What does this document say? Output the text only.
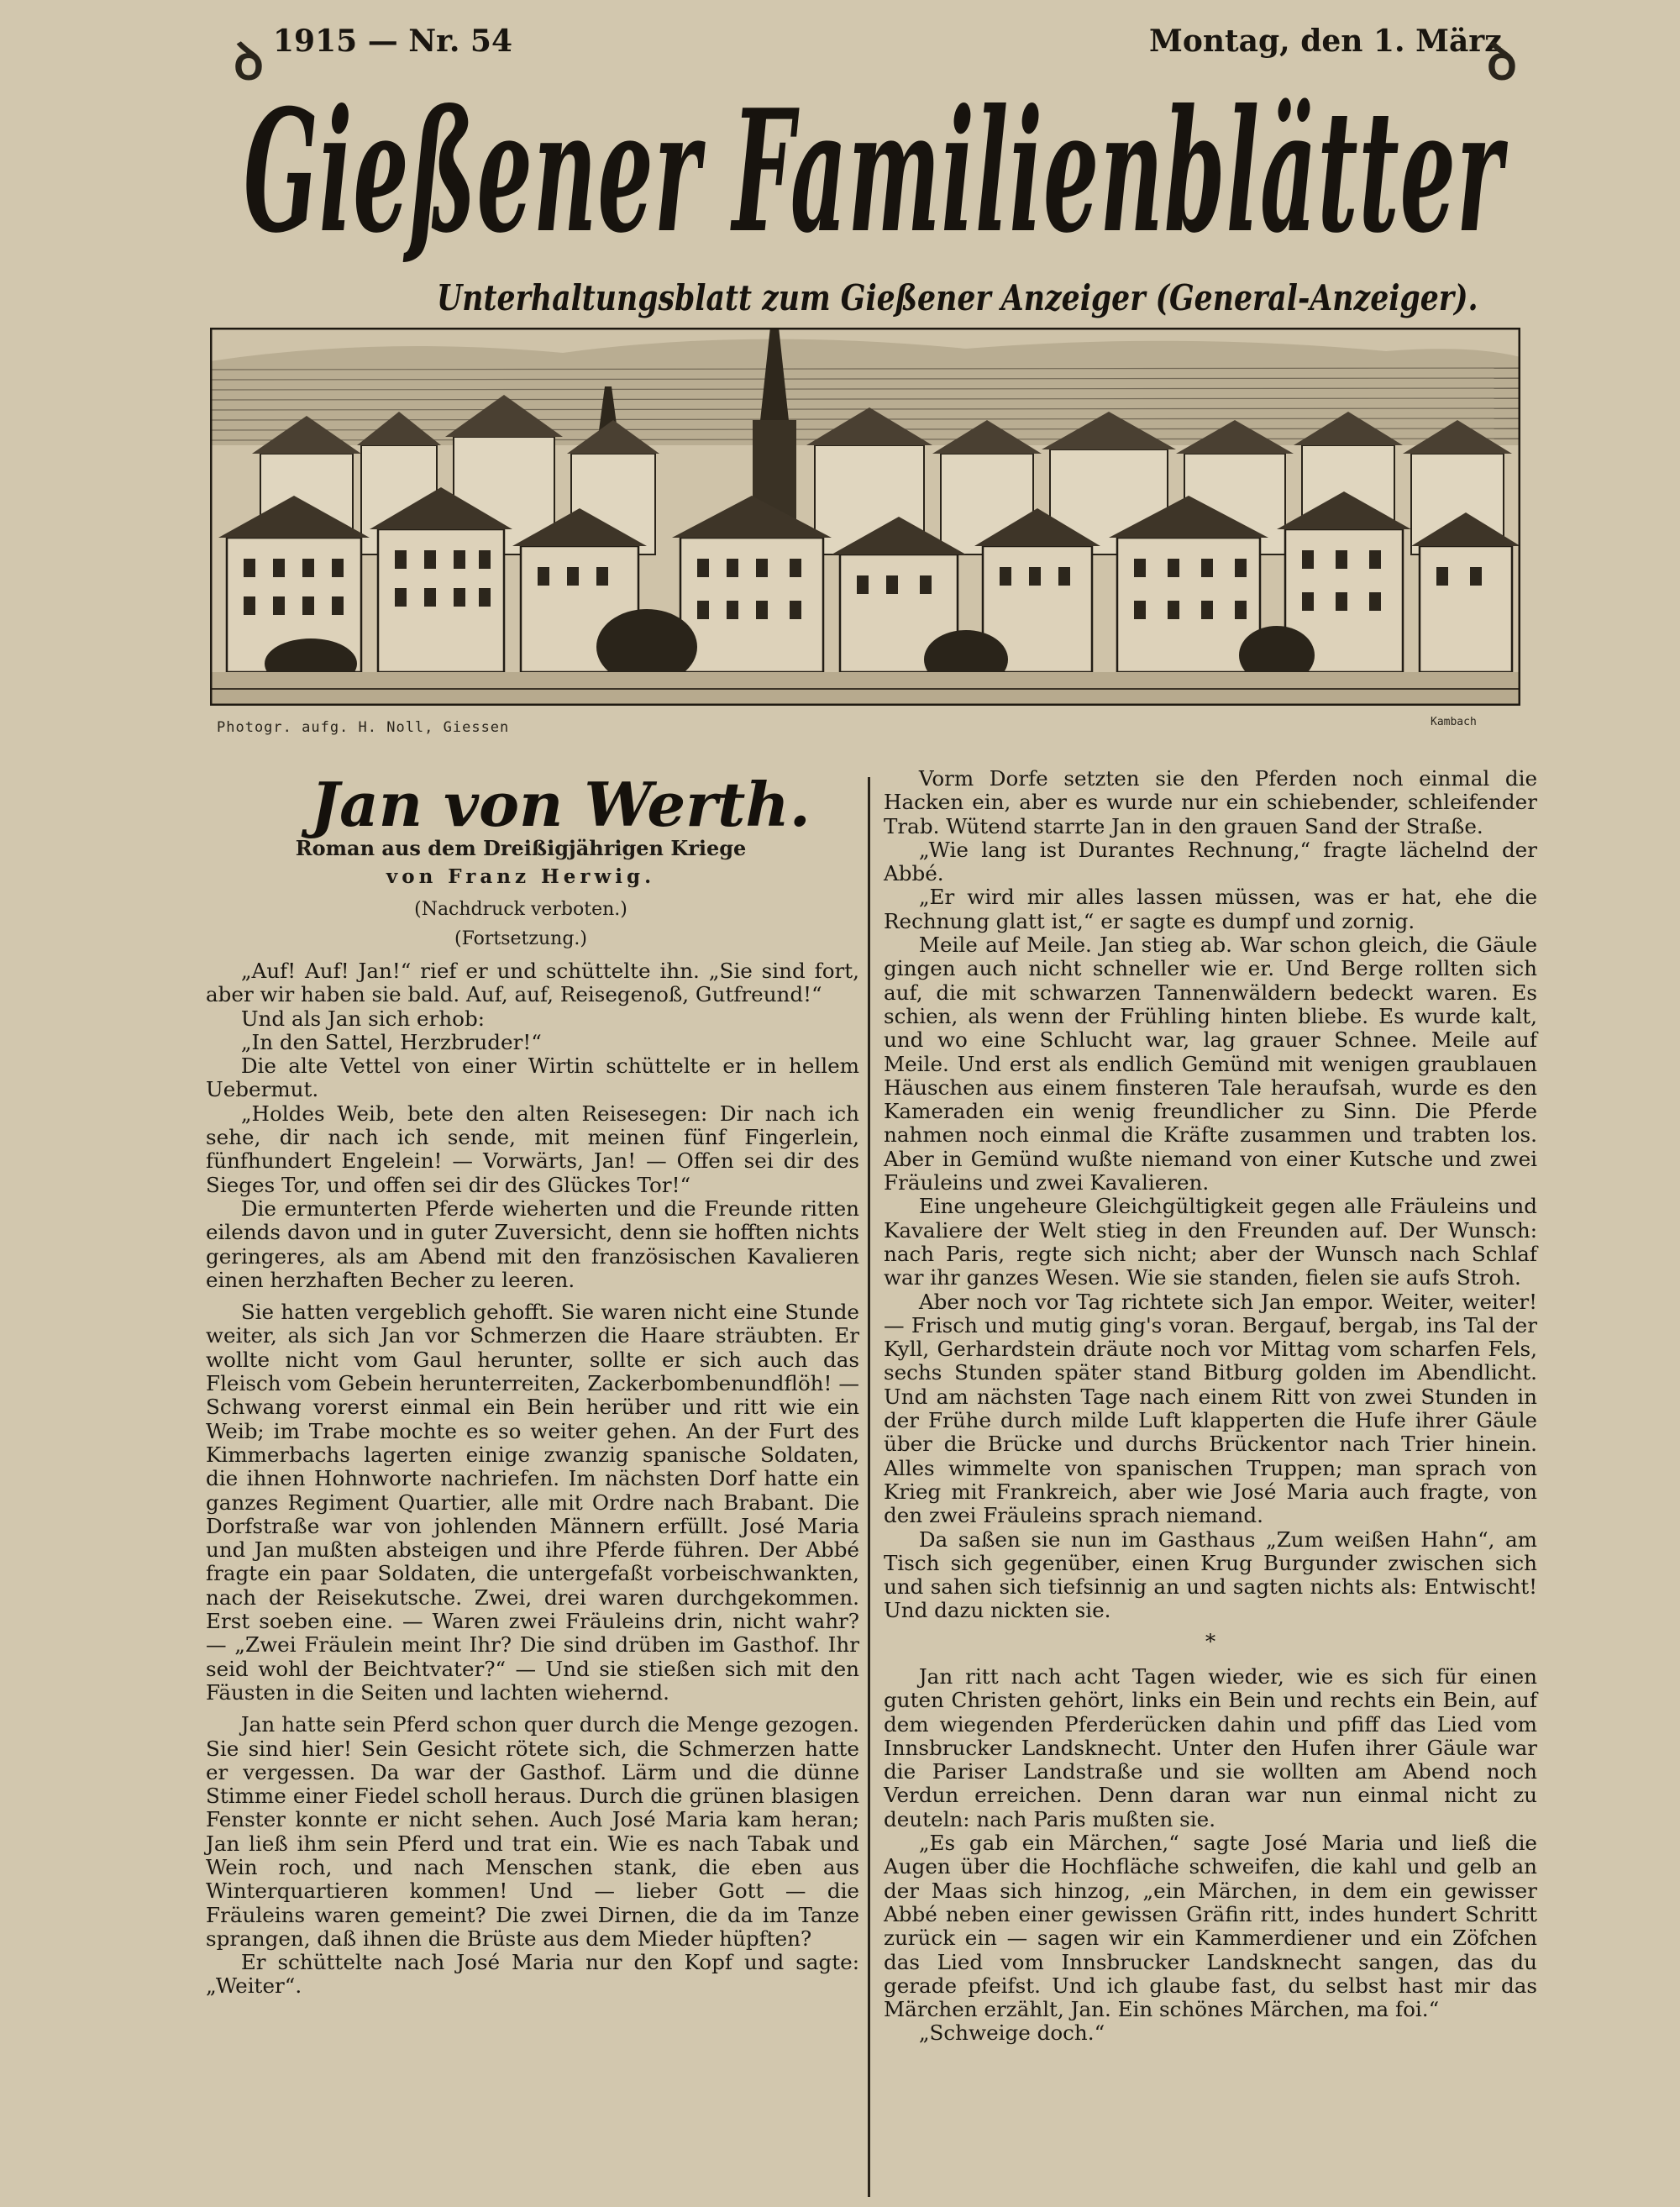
1915 — Nr. 54	Montag, den 1. März
ꝺ	ꝺ
Gießener Familienblätter
Unterhaltungsblatt zum Gießener Anzeiger (General-Anzeiger).
Photogr. aufg. H. Noll, Giessen	Kambach
Jan von Werth.
Roman aus dem Dreißigjährigen Kriege
von Franz Herwig.
(Nachdruck verboten.)
(Fortsetzung.)

„Auf! Auf! Jan!“ rief er und schüttelte ihn. „Sie sind fort, aber wir haben sie bald. Auf, auf, Reisegenoß, Gutfreund!“

Und als Jan sich erhob:

„In den Sattel, Herzbruder!“

Die alte Vettel von einer Wirtin schüttelte er in hellem Uebermut.

„Holdes Weib, bete den alten Reisesegen: Dir nach ich sehe, dir nach ich sende, mit meinen fünf Fingerlein, fünfhundert Engelein! — Vorwärts, Jan! — Offen sei dir des Sieges Tor, und offen sei dir des Glückes Tor!“

Die ermunterten Pferde wieherten und die Freunde ritten eilends davon und in guter Zuversicht, denn sie hofften nichts geringeres, als am Abend mit den französischen Kavalieren einen herzhaften Becher zu leeren.

Sie hatten vergeblich gehofft. Sie waren nicht eine Stunde weiter, als sich Jan vor Schmerzen die Haare sträubten. Er wollte nicht vom Gaul herunter, sollte er sich auch das Fleisch vom Gebein herunterreiten, Zackerbombenundflöh! — Schwang vorerst einmal ein Bein herüber und ritt wie ein Weib; im Trabe mochte es so weiter gehen. An der Furt des Kimmerbachs lagerten einige zwanzig spanische Soldaten, die ihnen Hohnworte nachriefen. Im nächsten Dorf hatte ein ganzes Regiment Quartier, alle mit Ordre nach Brabant. Die Dorfstraße war von johlenden Männern erfüllt. José Maria und Jan mußten absteigen und ihre Pferde führen. Der Abbé fragte ein paar Soldaten, die untergefaßt vorbeischwankten, nach der Reisekutsche. Zwei, drei waren durchgekommen. Erst soeben eine. — Waren zwei Fräuleins drin, nicht wahr? — „Zwei Fräulein meint Ihr? Die sind drüben im Gasthof. Ihr seid wohl der Beichtvater?“ — Und sie stießen sich mit den Fäusten in die Seiten und lachten wiehernd.

Jan hatte sein Pferd schon quer durch die Menge gezogen. Sie sind hier! Sein Gesicht rötete sich, die Schmerzen hatte er vergessen. Da war der Gasthof. Lärm und die dünne Stimme einer Fiedel scholl heraus. Durch die grünen blasigen Fenster konnte er nicht sehen. Auch José Maria kam heran; Jan ließ ihm sein Pferd und trat ein. Wie es nach Tabak und Wein roch, und nach Menschen stank, die eben aus Winterquartieren kommen! Und — lieber Gott — die Fräuleins waren gemeint? Die zwei Dirnen, die da im Tanze sprangen, daß ihnen die Brüste aus dem Mieder hüpften?

Er schüttelte nach José Maria nur den Kopf und sagte: „Weiter“.

Vorm Dorfe setzten sie den Pferden noch einmal die Hacken ein, aber es wurde nur ein schiebender, schleifender Trab. Wütend starrte Jan in den grauen Sand der Straße.

„Wie lang ist Durantes Rechnung,“ fragte lächelnd der Abbé.

„Er wird mir alles lassen müssen, was er hat, ehe die Rechnung glatt ist,“ er sagte es dumpf und zornig.

Meile auf Meile. Jan stieg ab. War schon gleich, die Gäule gingen auch nicht schneller wie er. Und Berge rollten sich auf, die mit schwarzen Tannenwäldern bedeckt waren. Es schien, als wenn der Frühling hinten bliebe. Es wurde kalt, und wo eine Schlucht war, lag grauer Schnee. Meile auf Meile. Und erst als endlich Gemünd mit wenigen graublauen Häuschen aus einem finsteren Tale heraufsah, wurde es den Kameraden ein wenig freundlicher zu Sinn. Die Pferde nahmen noch einmal die Kräfte zusammen und trabten los. Aber in Gemünd wußte niemand von einer Kutsche und zwei Fräuleins und zwei Kavalieren.

Eine ungeheure Gleichgültigkeit gegen alle Fräuleins und Kavaliere der Welt stieg in den Freunden auf. Der Wunsch: nach Paris, regte sich nicht; aber der Wunsch nach Schlaf war ihr ganzes Wesen. Wie sie standen, fielen sie aufs Stroh.

Aber noch vor Tag richtete sich Jan empor. Weiter, weiter! — Frisch und mutig ging's voran. Bergauf, bergab, ins Tal der Kyll, Gerhardstein dräute noch vor Mittag vom scharfen Fels, sechs Stunden später stand Bitburg golden im Abendlicht. Und am nächsten Tage nach einem Ritt von zwei Stunden in der Frühe durch milde Luft klapperten die Hufe ihrer Gäule über die Brücke und durchs Brückentor nach Trier hinein. Alles wimmelte von spanischen Truppen; man sprach von Krieg mit Frankreich, aber wie José Maria auch fragte, von den zwei Fräuleins sprach niemand.

Da saßen sie nun im Gasthaus „Zum weißen Hahn“, am Tisch sich gegenüber, einen Krug Burgunder zwischen sich und sahen sich tiefsinnig an und sagten nichts als: Entwischt! Und dazu nickten sie.

*

Jan ritt nach acht Tagen wieder, wie es sich für einen guten Christen gehört, links ein Bein und rechts ein Bein, auf dem wiegenden Pferderücken dahin und pfiff das Lied vom Innsbrucker Landsknecht. Unter den Hufen ihrer Gäule war die Pariser Landstraße und sie wollten am Abend noch Verdun erreichen. Denn daran war nun einmal nicht zu deuteln: nach Paris mußten sie.

„Es gab ein Märchen,“ sagte José Maria und ließ die Augen über die Hochfläche schweifen, die kahl und gelb an der Maas sich hinzog, „ein Märchen, in dem ein gewisser Abbé neben einer gewissen Gräfin ritt, indes hundert Schritt zurück ein — sagen wir ein Kammerdiener und ein Zöfchen das Lied vom Innsbrucker Landsknecht sangen, das du gerade pfeifst. Und ich glaube fast, du selbst hast mir das Märchen erzählt, Jan. Ein schönes Märchen, ma foi.“

„Schweige doch.“
